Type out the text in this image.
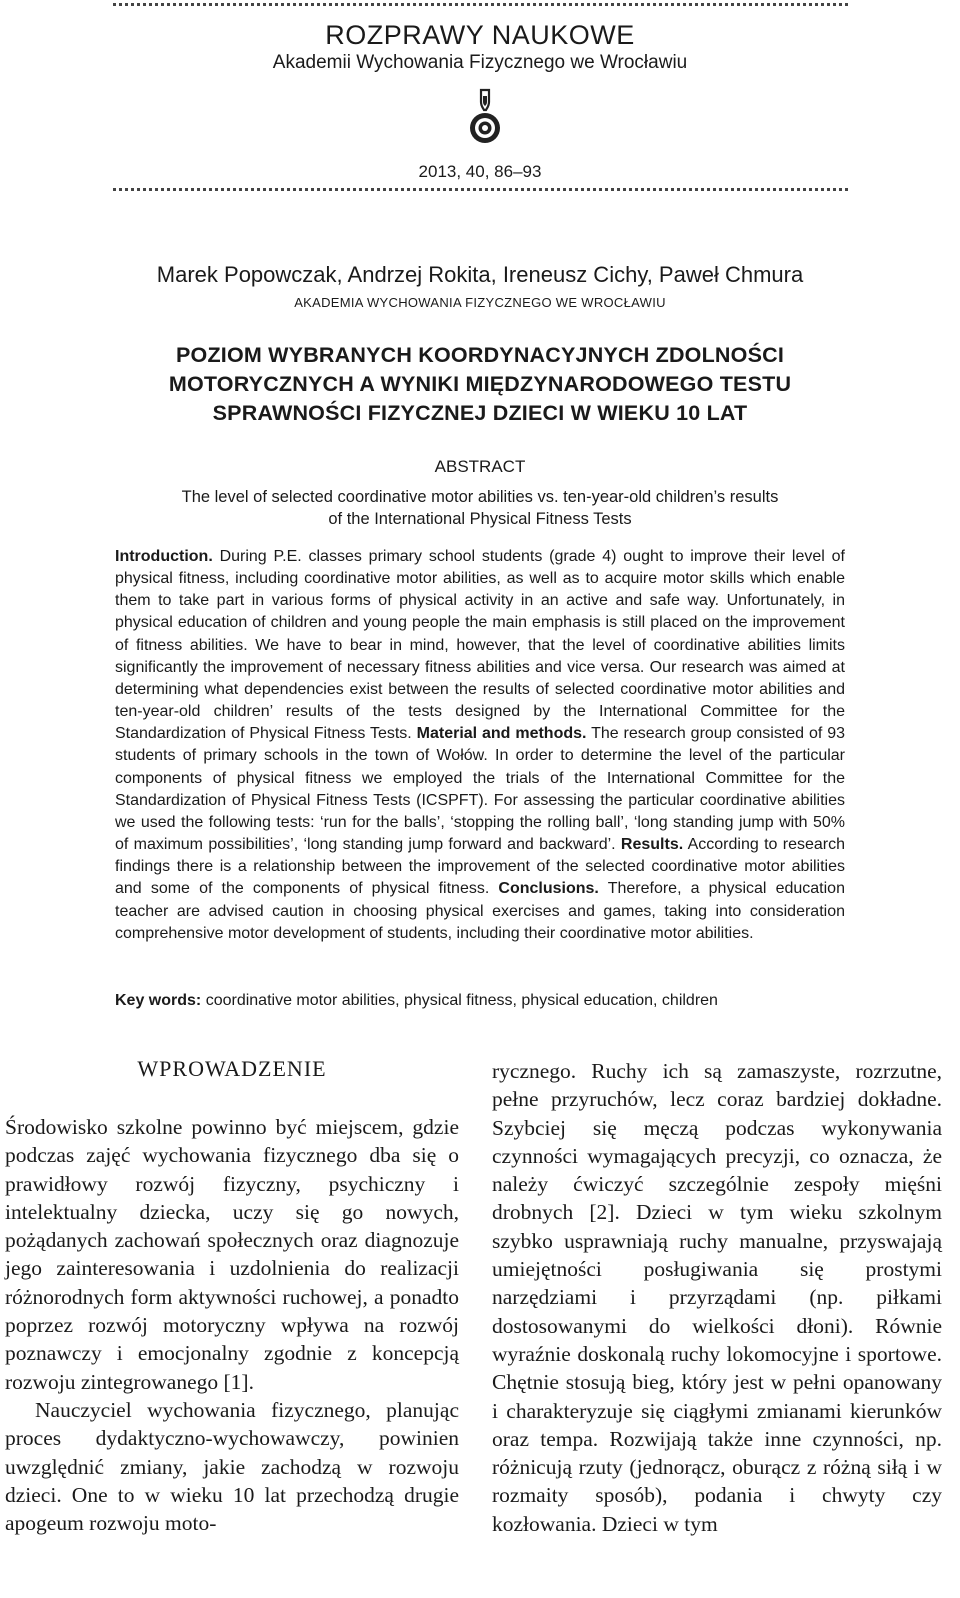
ROZPRAWY NAUKOWE
Akademii Wychowania Fizycznego we Wrocławiu
2013, 40, 86–93
Marek Popowczak, Andrzej Rokita, Ireneusz Cichy, Paweł Chmura
AKADEMIA WYCHOWANIA FIZYCZNEGO WE WROCŁAWIU
POZIOM WYBRANYCH KOORDYNACYJNYCH ZDOLNOŚCI
MOTORYCZNYCH A WYNIKI MIĘDZYNARODOWEGO TESTU
SPRAWNOŚCI FIZYCZNEJ DZIECI W WIEKU 10 LAT
ABSTRACT
The level of selected coordinative motor abilities vs. ten-year-old children’s results
of the International Physical Fitness Tests
Introduction. During P.E. classes primary school students (grade 4) ought to improve their level of physical fitness, including coordinative motor abilities, as well as to acquire motor skills which enable them to take part in various forms of physical activity in an active and safe way. Unfortunately, in physical education of children and young people the main emphasis is still placed on the improvement of fitness abilities. We have to bear in mind, however, that the level of coordinative abilities limits significantly the improvement of necessary fitness abilities and vice versa. Our research was aimed at determining what dependencies exist between the results of selected coordinative motor abilities and ten-year-old children’ results of the tests designed by the International Committee for the Standardization of Physical Fitness Tests. Material and methods. The research group consisted of 93 students of primary schools in the town of Wołów. In order to determine the level of the particular components of physical fitness we employed the trials of the International Committee for the Standardization of Physical Fitness Tests (ICSPFT). For assessing the particular coordinative abilities we used the following tests: ‘run for the balls’, ‘stopping the rolling ball’, ‘long standing jump with 50% of maximum possibilities’, ‘long standing jump forward and backward’. Results. According to research findings there is a relationship between the improvement of the selected coordinative motor abilities and some of the components of physical fitness. Conclusions. Therefore, a physical education teacher are advised caution in choosing physical exercises and games, taking into consideration comprehensive motor development of students, including their coordinative motor abilities.
Key words: coordinative motor abilities, physical fitness, physical education, children
WPROWADZENIE

Środowisko szkolne powinno być miejscem, gdzie podczas zajęć wychowania fizycznego dba się o prawidłowy rozwój fizyczny, psychiczny i intelektualny dziecka, uczy się go nowych, pożądanych zachowań społecznych oraz diagnozuje jego zainteresowania i uzdolnienia do realizacji różnorodnych form aktywności ruchowej, a ponadto poprzez rozwój motoryczny wpływa na rozwój poznawczy i emocjonalny zgodnie z koncepcją rozwoju zintegrowanego [1].

Nauczyciel wychowania fizycznego, planując proces dydaktyczno-wychowawczy, powinien uwzględnić zmiany, jakie zachodzą w rozwoju dzieci. One to w wieku 10 lat przechodzą drugie apogeum rozwoju moto-

rycznego. Ruchy ich są zamaszyste, rozrzutne, pełne przyruchów, lecz coraz bardziej dokładne. Szybciej się męczą podczas wykonywania czynności wymagających precyzji, co oznacza, że należy ćwiczyć szczególnie zespoły mięśni drobnych [2]. Dzieci w tym wieku szkolnym szybko usprawniają ruchy manualne, przyswajają umiejętności posługiwania się prostymi narzędziami i przyrządami (np. piłkami dostosowanymi do wielkości dłoni). Równie wyraźnie doskonalą ruchy lokomocyjne i sportowe. Chętnie stosują bieg, który jest w pełni opanowany i charakteryzuje się ciągłymi zmianami kierunków oraz tempa. Rozwijają także inne czynności, np. różnicują rzuty (jednorącz, oburącz z różną siłą i w rozmaity sposób), podania i chwyty czy kozłowania. Dzieci w tym
